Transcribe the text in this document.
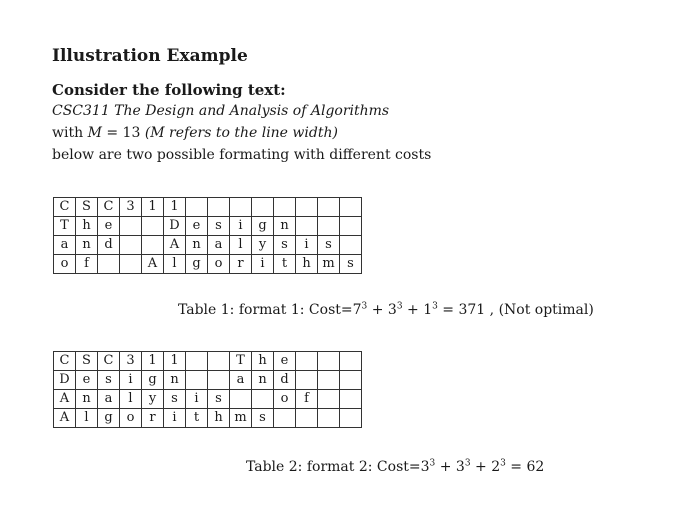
Illustration Example

Consider the following text:

CSC311 The Design and Analysis of Algorithms

with M = 13 (M refers to the line width)

below are two possible formating with different costs

C	S	C	3	1	1								
T	h	e			D	e	s	i	g	n			
a	n	d			A	n	a	l	y	s	i	s	
o	f			A	l	g	o	r	i	t	h	m	s

Table 1: format 1: $Cost=7^3 + 3^3 + 1^3 = 371$ , (Not optimal)

C	S	C	3	1	1			T	h	e			
D	e	s	i	g	n			a	n	d			
A	n	a	l	y	s	i	s			o	f		
A	l	g	o	r	i	t	h	m	s				

Table 2: format 2: $Cost=3^3 + 3^3 + 2^3 = 62$
